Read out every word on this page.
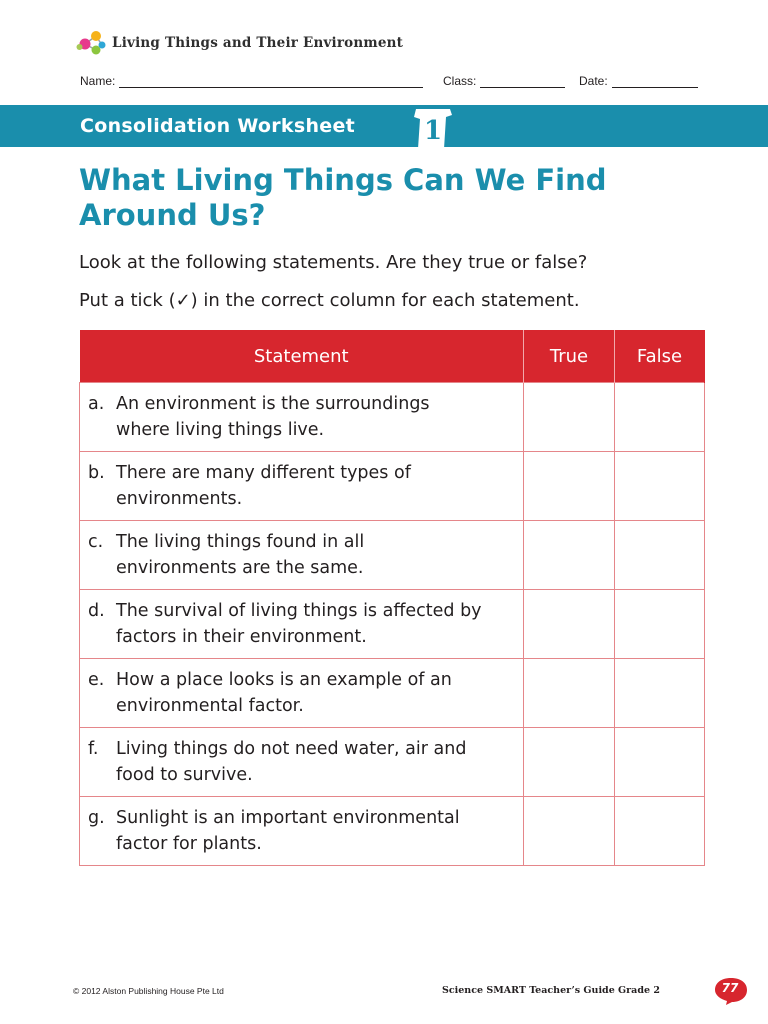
Living Things and Their Environment
Name:	Class:	Date:
1
Consolidation Worksheet
What Living Things Can We Find
Around Us?

Look at the following statements. Are they true or false?

Put a tick (✓) in the correct column for each statement.

Statement	True	False

a. An environment is the surroundings
where living things live.		

b. There are many different types of
environments.		

c. The living things found in all
environments are the same.		

d. The survival of living things is affected by
factors in their environment.		

e. How a place looks is an example of an
environmental factor.		

f. Living things do not need water, air and
food to survive.		

g. Sunlight is an important environmental
factor for plants.		

© 2012 Alston Publishing House Pte Ltd	Science SMART Teacher’s Guide Grade 2	77
